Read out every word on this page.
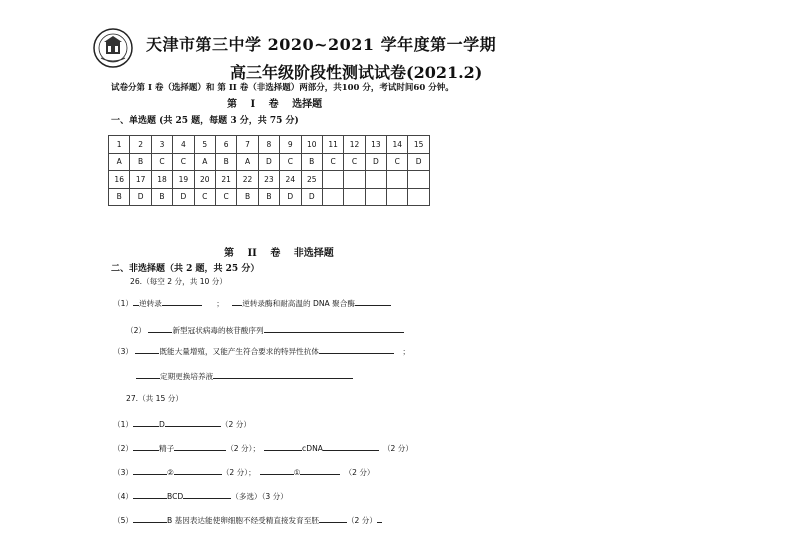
天津市第三中学 2020~2021 学年度第一学期
高三年级阶段性测试试卷(2021.2)
试卷分第 I 卷（选择题）和 第 II 卷（非选择题）两部分，共100 分，考试时间60 分钟。
第 I 卷 选择题
一、单选题 (共 25 题，每题 3 分，共 75 分)
1	2	3	4	5	6	7	8	9	10	11	12	13	14	15
A	B	C	C	A	B	A	D	C	B	C	C	D	C	D
16	17	18	19	20	21	22	23	24	25					
B	D	B	D	C	C	B	B	D	D					
第 II 卷 非选择题
二、非选择题（共 2 题，共 25 分）
26.（每空 2 分，共 10 分）
（1） 逆转录	； 逆转录酶和耐高温的 DNA 聚合酶
（2）	新型冠状病毒的核苷酸序列
（3）	既能大量增殖，又能产生符合要求的特异性抗体	；
定期更换培养液
27.（共 15 分）
（1）	D	（2 分）
（2）	精子	（2 分）；	cDNA	（2 分）
（3）	②	（2 分）；	①	（2 分）
（4）	BCD	（多选）（3 分）
（5）	B 基因表达能使卵细胞不经受精直接发育至胚	（2 分）
